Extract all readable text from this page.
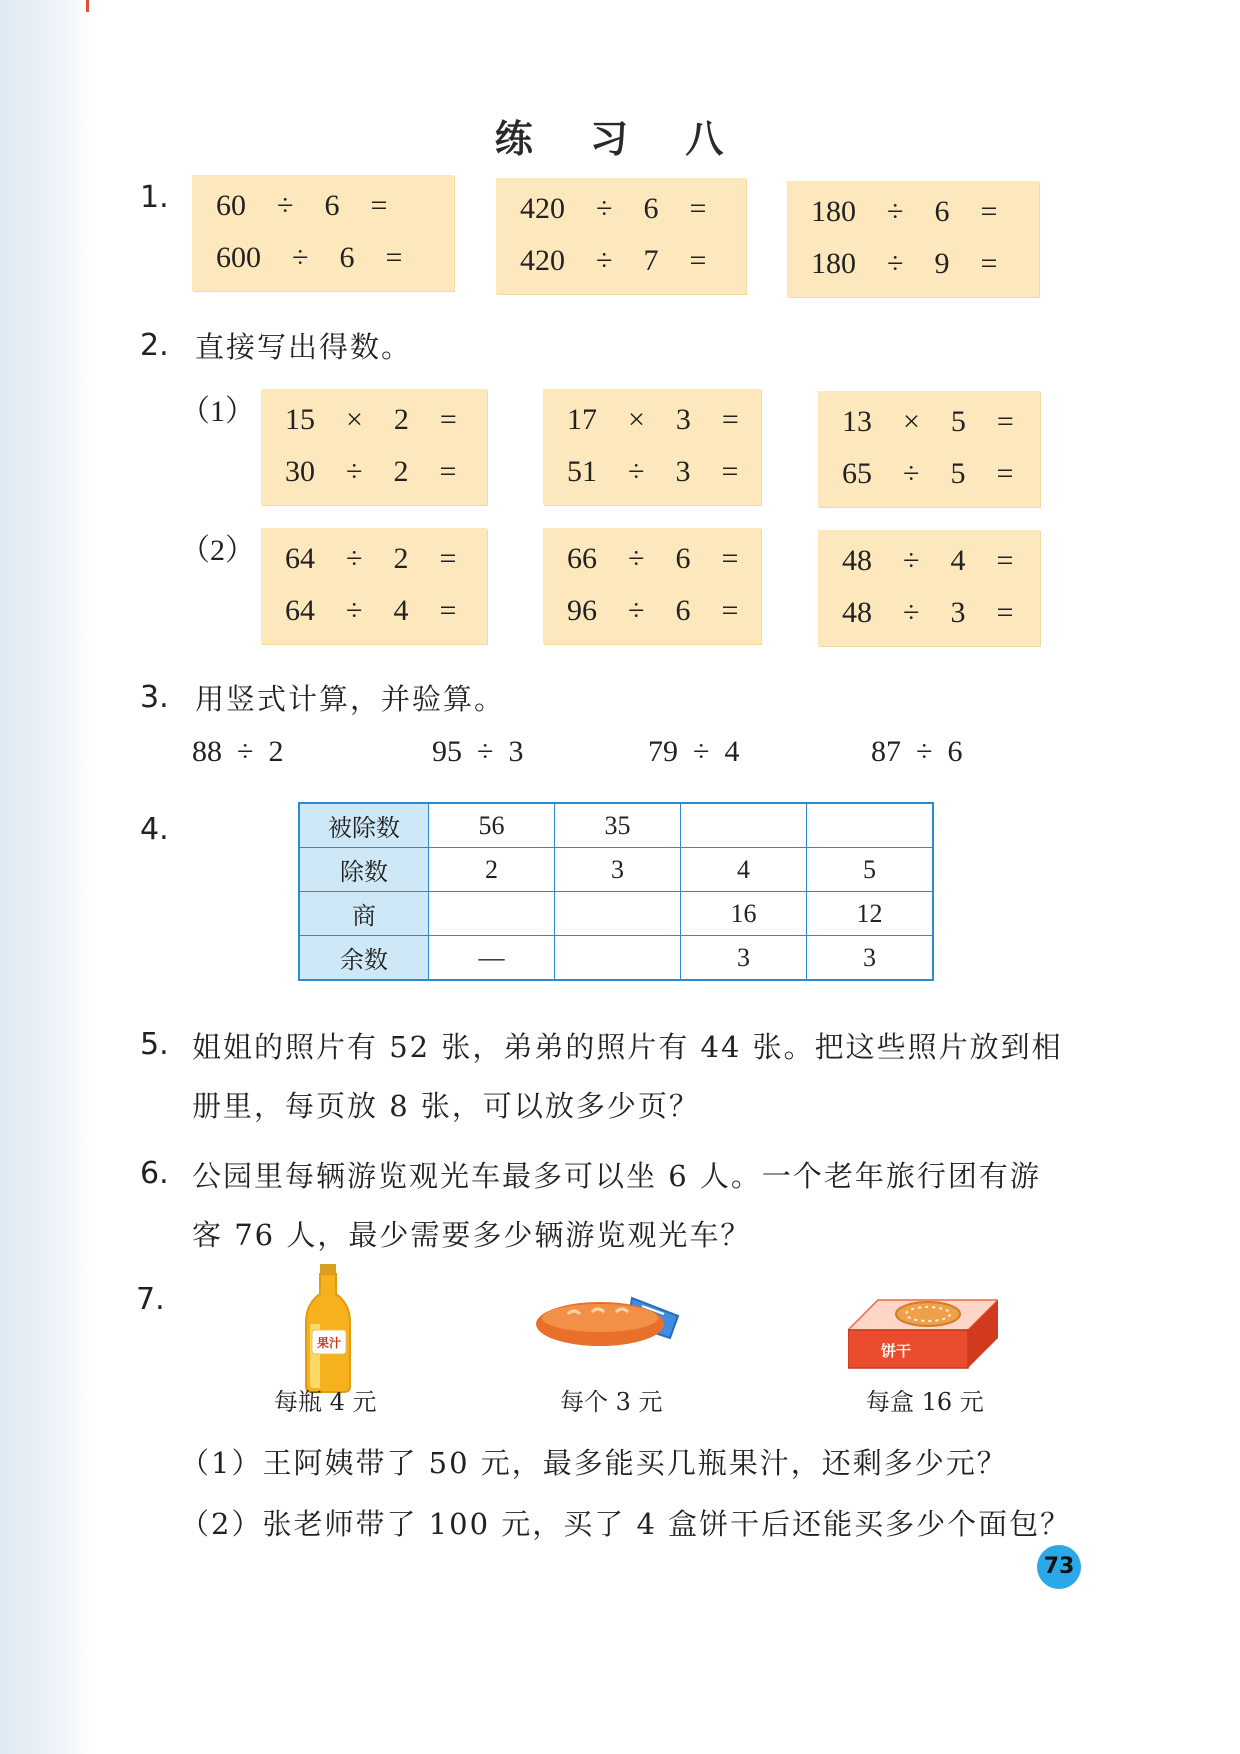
练 习 八
1. 60  ÷  6  =
600  ÷  6  =
420  ÷  6  =
420  ÷  7  =
180  ÷  6  =
180  ÷  9  =
2. 直接写出得数。
（1） 15  ×  2  =
30  ÷  2  =
17  ×  3  =
51  ÷  3  =
13  ×  5  =
65  ÷  5  =
（2） 64  ÷  2  =
64  ÷  4  =
66  ÷  6  =
96  ÷  6  =
48  ÷  4  =
48  ÷  3  =
3. 用竖式计算，并验算。
88  ÷  2	95  ÷  3	79  ÷  4	87  ÷  6
4.	被除数	56	35		
除数	2	3	4	5
商			16	12
余数	—		3	3
5. 姐姐的照片有 52 张，弟弟的照片有 44 张。把这些照片放到相
册里，每页放 8 张，可以放多少页？
6. 公园里每辆游览观光车最多可以坐 6 人。一个老年旅行团有游
客 76 人，最少需要多少辆游览观光车？
7.
果汁	饼干
每瓶 4 元	每个 3 元	每盒 16 元
（1）王阿姨带了 50 元，最多能买几瓶果汁，还剩多少元？
（2）张老师带了 100 元，买了 4 盒饼干后还能买多少个面包？
73
